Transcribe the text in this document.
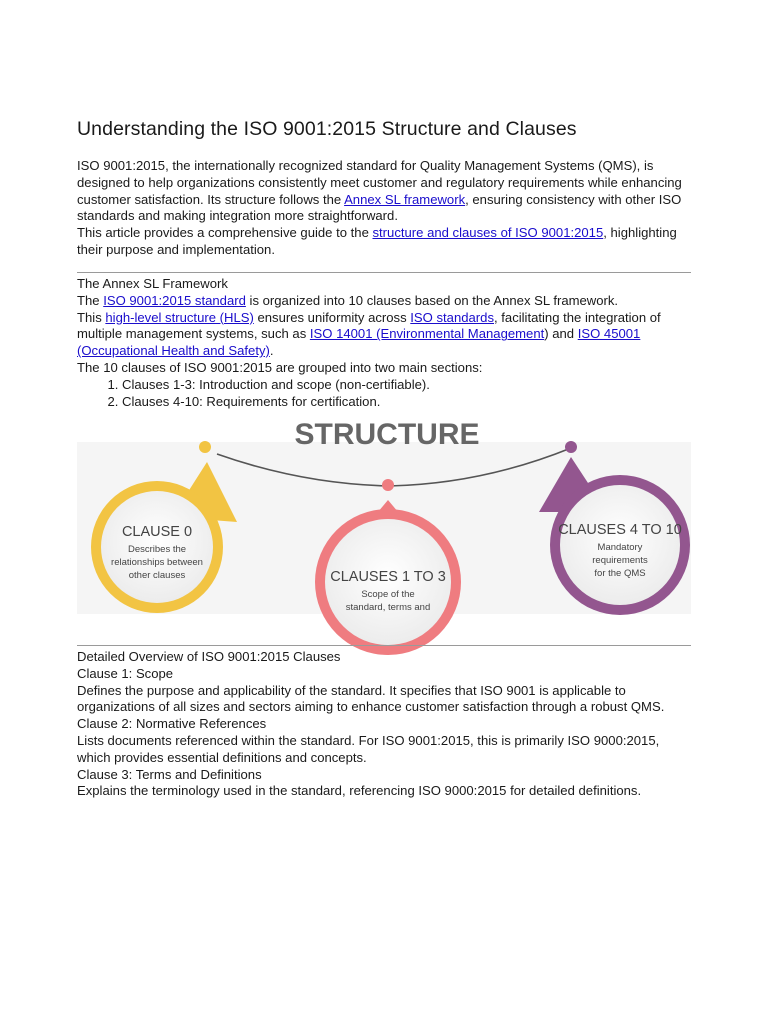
Understanding the ISO 9001:2015 Structure and Clauses

ISO 9001:2015, the internationally recognized standard for Quality Management Systems (QMS), is designed to help organizations consistently meet customer and regulatory requirements while enhancing customer satisfaction. Its structure follows the Annex SL framework, ensuring consistency with other ISO standards and making integration more straightforward.

This article provides a comprehensive guide to the structure and clauses of ISO 9001:2015, highlighting their purpose and implementation.

The Annex SL Framework

The ISO 9001:2015 standard is organized into 10 clauses based on the Annex SL framework.

This high-level structure (HLS) ensures uniformity across ISO standards, facilitating the integration of multiple management systems, such as ISO 14001 (Environmental Management) and ISO 45001 (Occupational Health and Safety).

The 10 clauses of ISO 9001:2015 are grouped into two main sections:

1. Clauses 1-3: Introduction and scope (non-certifiable).
2. Clauses 4-10: Requirements for certification.
STRUCTURE
CLAUSE 0
Describes the
relationships between
other clauses	CLAUSES 1 TO 3
Scope of the
standard, terms and
CLAUSES 4 TO 10
Mandatory
requirements
for the QMS

Detailed Overview of ISO 9001:2015 Clauses

Clause 1: Scope

Defines the purpose and applicability of the standard. It specifies that ISO 9001 is applicable to organizations of all sizes and sectors aiming to enhance customer satisfaction through a robust QMS.

Clause 2: Normative References

Lists documents referenced within the standard. For ISO 9001:2015, this is primarily ISO 9000:2015, which provides essential definitions and concepts.

Clause 3: Terms and Definitions

Explains the terminology used in the standard, referencing ISO 9000:2015 for detailed definitions.
